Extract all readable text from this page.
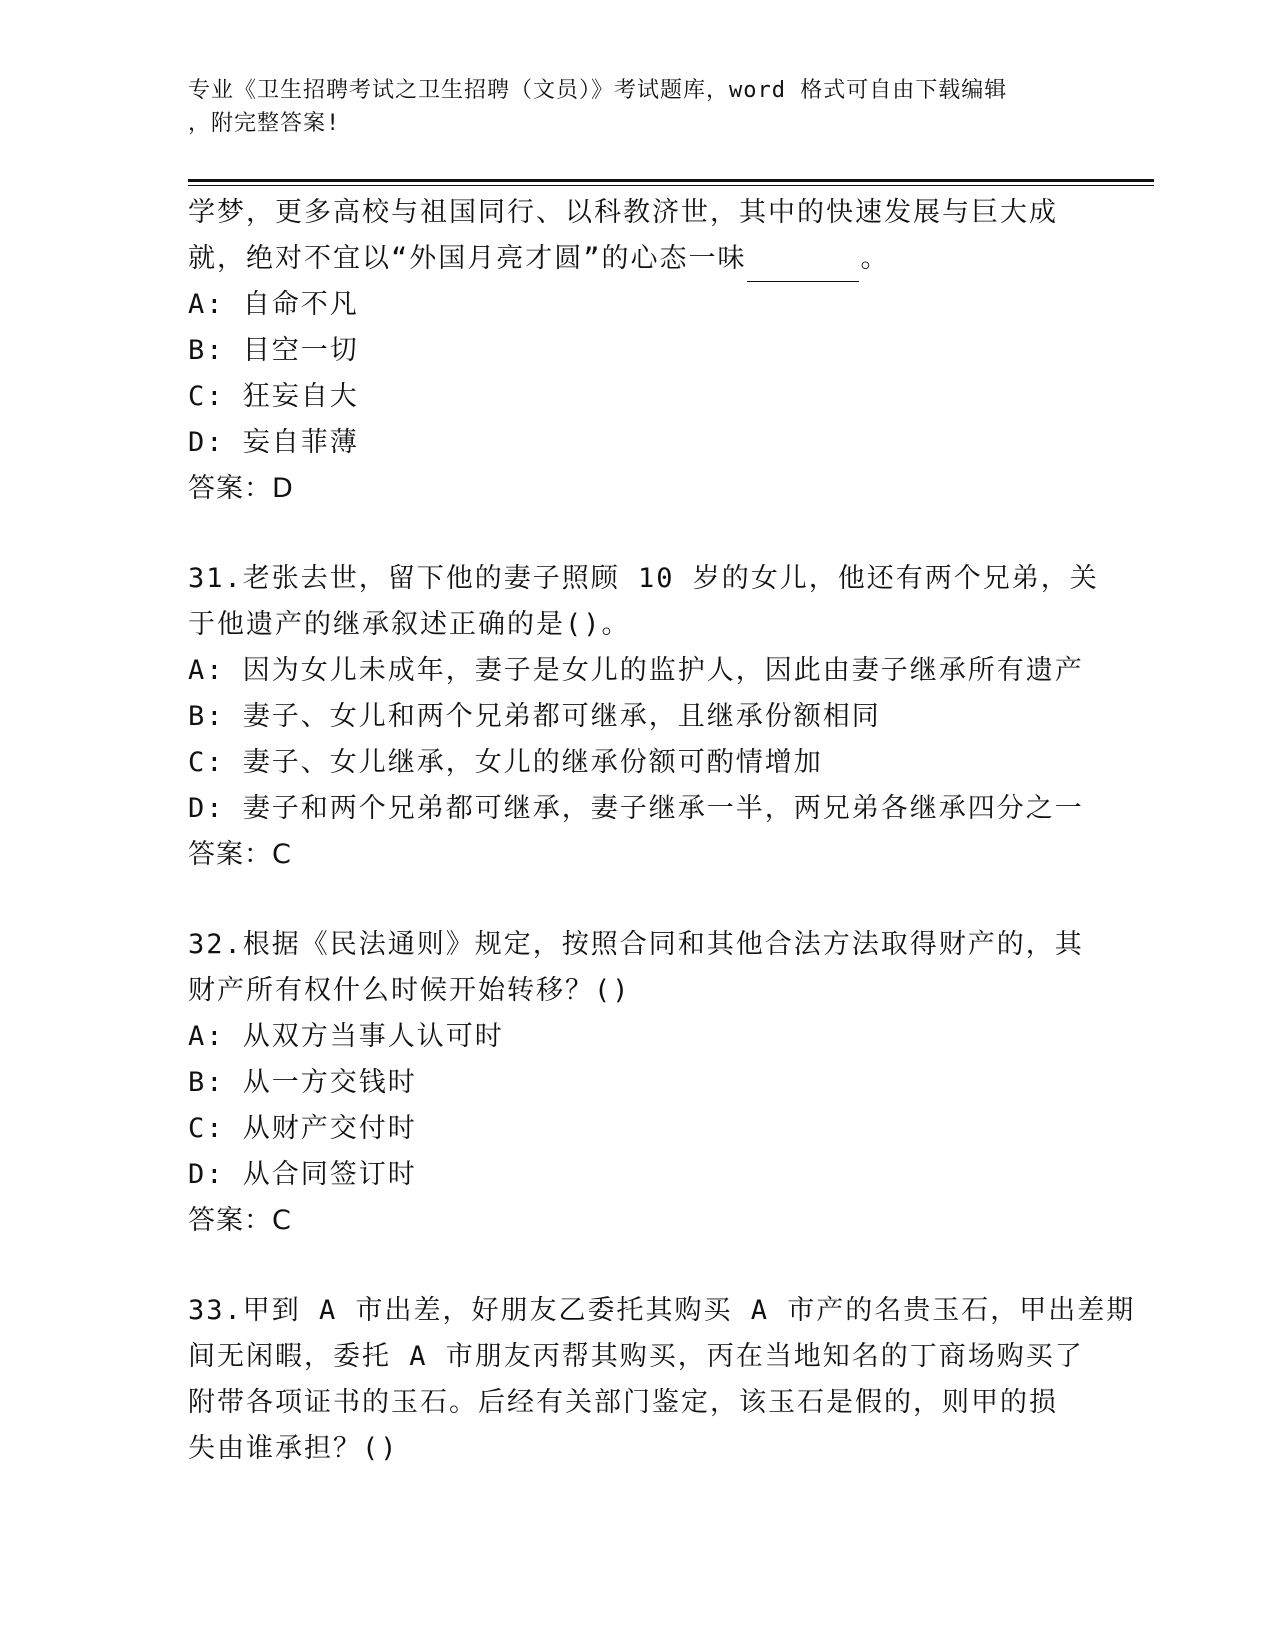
专业《卫生招聘考试之卫生招聘（文员）》考试题库，word 格式可自由下载编辑
，附完整答案!
学梦，更多高校与祖国同行、以科教济世，其中的快速发展与巨大成
就，绝对不宜以“外国月亮才圆”的心态一味	。
A: 自命不凡
B: 目空一切
C: 狂妄自大
D: 妄自菲薄
答案：D
31.老张去世，留下他的妻子照顾 10 岁的女儿，他还有两个兄弟，关
于他遗产的继承叙述正确的是()。
A: 因为女儿未成年，妻子是女儿的监护人，因此由妻子继承所有遗产
B: 妻子、女儿和两个兄弟都可继承，且继承份额相同
C: 妻子、女儿继承，女儿的继承份额可酌情增加
D: 妻子和两个兄弟都可继承，妻子继承一半，两兄弟各继承四分之一
答案：C
32.根据《民法通则》规定，按照合同和其他合法方法取得财产的，其
财产所有权什么时候开始转移？()
A: 从双方当事人认可时
B: 从一方交钱时
C: 从财产交付时
D: 从合同签订时
答案：C
33.甲到 A 市出差，好朋友乙委托其购买 A 市产的名贵玉石，甲出差期
间无闲暇，委托 A 市朋友丙帮其购买，丙在当地知名的丁商场购买了
附带各项证书的玉石。后经有关部门鉴定，该玉石是假的，则甲的损
失由谁承担？()
